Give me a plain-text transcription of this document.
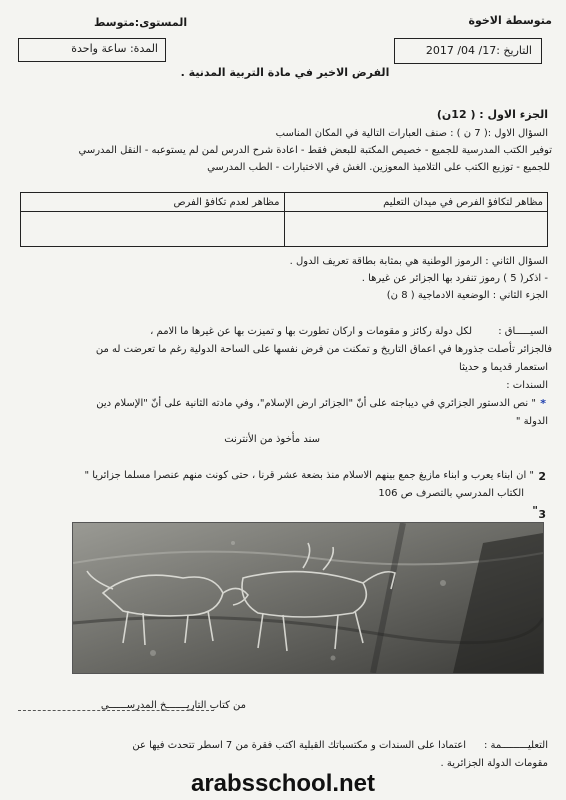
متوسطة الاخوة
المستوى:متوسط
المدة: ساعة واحدة	التاريخ :17/ 04/ 2017
الفرض الاخير في مادة التربية المدنية .
الجزء الاول : ( 12ن)
السؤال الاول :( 7 ن ) : صنف العبارات التالية في المكان المناسب
توفير الكتب المدرسية للجميع - خصيص المكتبة للبعض فقط - اعادة شرح الدرس لمن لم يستوعبه - النقل المدرسي
للجميع - توزيع الكتب على التلاميذ المعوزين. الغش في الاختبارات - الطب المدرسي
مظاهر لتكافؤ الفرص في ميدان التعليم	مظاهر لعدم تكافؤ الفرص

السؤال الثاني : الرموز الوطنية هي بمثابة بطاقة تعريف الدول .
- اذكر( 5 ) رموز تنفرد بها الجزائر عن غيرها .
الجزء الثاني : الوضعية الادماجية ( 8 ن)
السيـــــاق :
لكل دولة ركائز و مقومات و اركان تطورت بها و تميزت بها عن غيرها ما الامم ،
فالجزائر تأصلت جذورها في اعماق التاريخ و تمكنت من فرض نفسها على الساحة الدولية رغم ما تعرضت له من
استعمار قديما و حديثا
السندات :
*
" نص الدستور الجزائري في ديباجته على أنّ "الجزائر ارض الإسلام"، وفي مادته الثانية على أنّ "الإسلام دين
الدولة "
سند مأخوذ من الأنترنت
2
" ان ابناء يعرب و ابناء مازيغ جمع بينهم الاسلام منذ بضعة عشر قرنا ، حتى كونت منهم عنصرا مسلما جزائريا "
الكتاب المدرسي بالتصرف ص 106
3
"
من كتاب التاريـــــــخ المدرســــــي
التعليـــــــــمة :
اعتمادا على السندات و مكتسباتك القبلية اكتب فقرة من 7 اسطر تتحدث فيها عن
مقومات الدولة الجزائرية .
arabsschool.net
